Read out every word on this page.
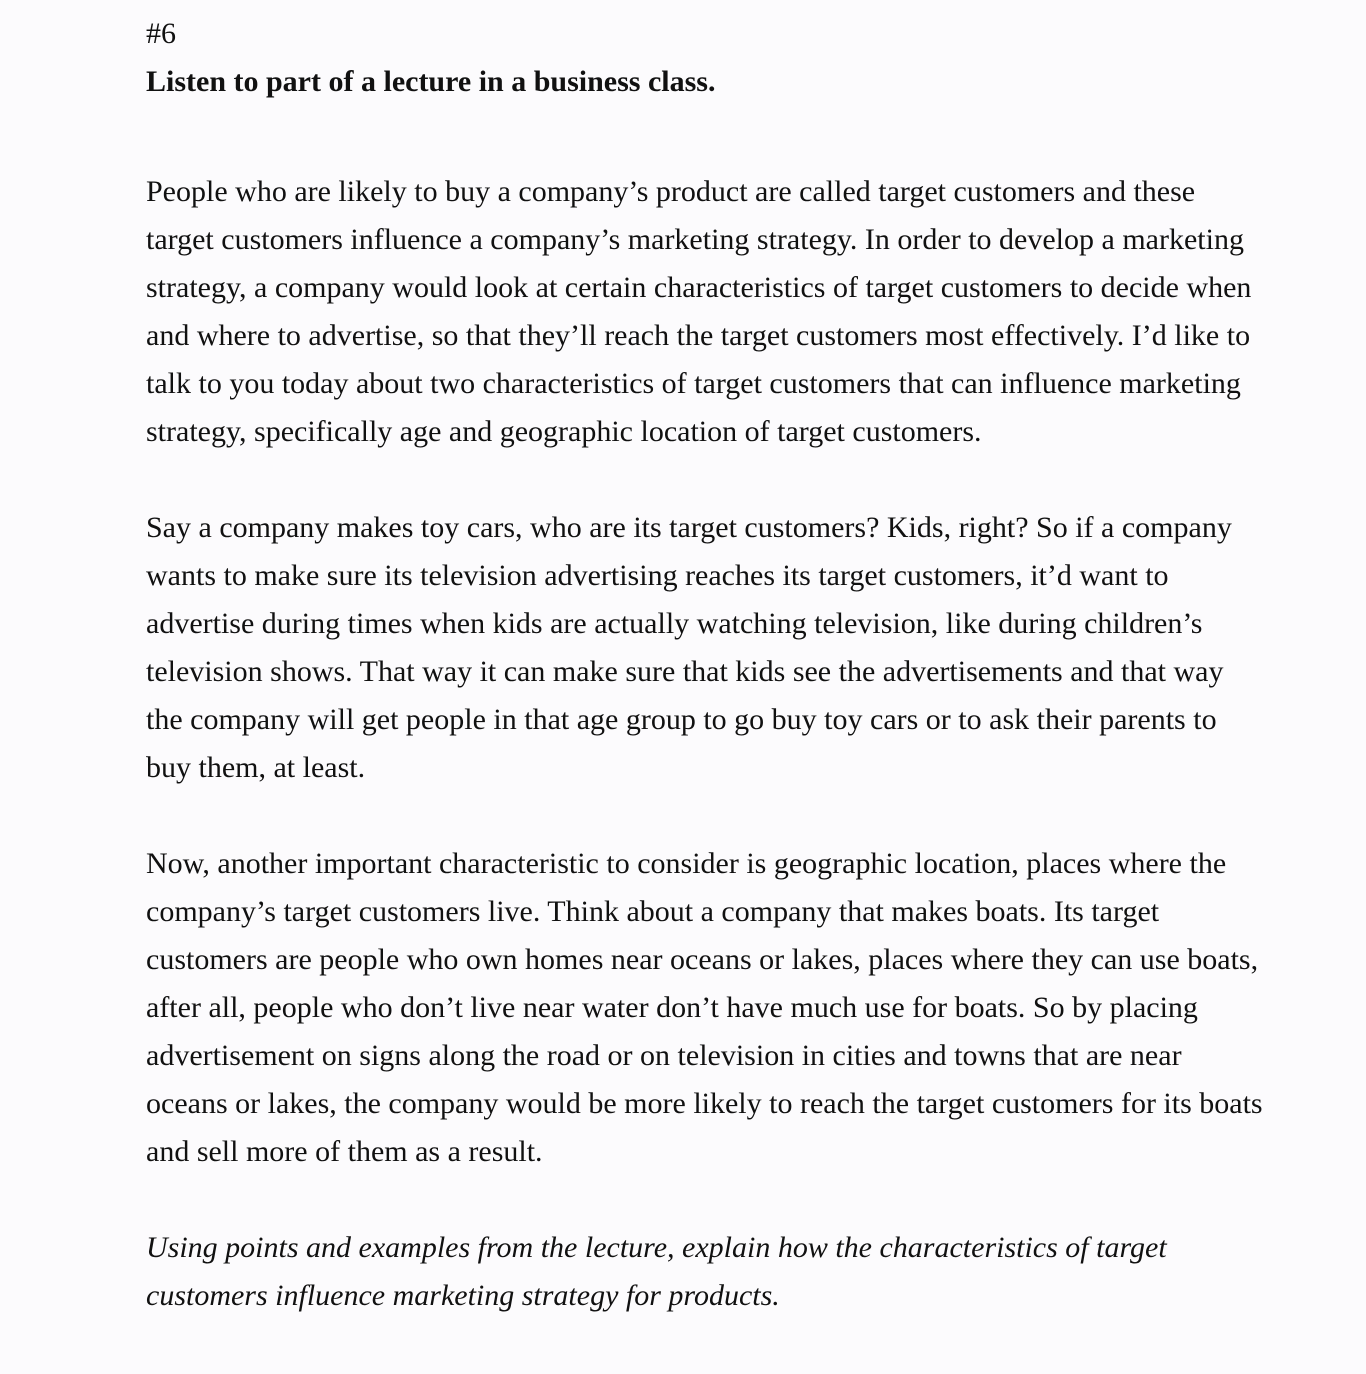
#6
Listen to part of a lecture in a business class.

People who are likely to buy a company’s product are called target customers and these target customers influence a company’s marketing strategy. In order to develop a marketing strategy, a company would look at certain characteristics of target customers to decide when and where to advertise, so that they’ll reach the target customers most effectively. I’d like to talk to you today about two characteristics of target customers that can influence marketing strategy, specifically age and geographic location of target customers.

Say a company makes toy cars, who are its target customers? Kids, right? So if a company wants to make sure its television advertising reaches its target customers, it’d want to advertise during times when kids are actually watching television, like during children’s television shows. That way it can make sure that kids see the advertisements and that way the company will get people in that age group to go buy toy cars or to ask their parents to buy them, at least.

Now, another important characteristic to consider is geographic location, places where the company’s target customers live. Think about a company that makes boats. Its target customers are people who own homes near oceans or lakes, places where they can use boats, after all, people who don’t live near water don’t have much use for boats. So by placing advertisement on signs along the road or on television in cities and towns that are near oceans or lakes, the company would be more likely to reach the target customers for its boats and sell more of them as a result.

Using points and examples from the lecture, explain how the characteristics of target customers influence marketing strategy for products.
